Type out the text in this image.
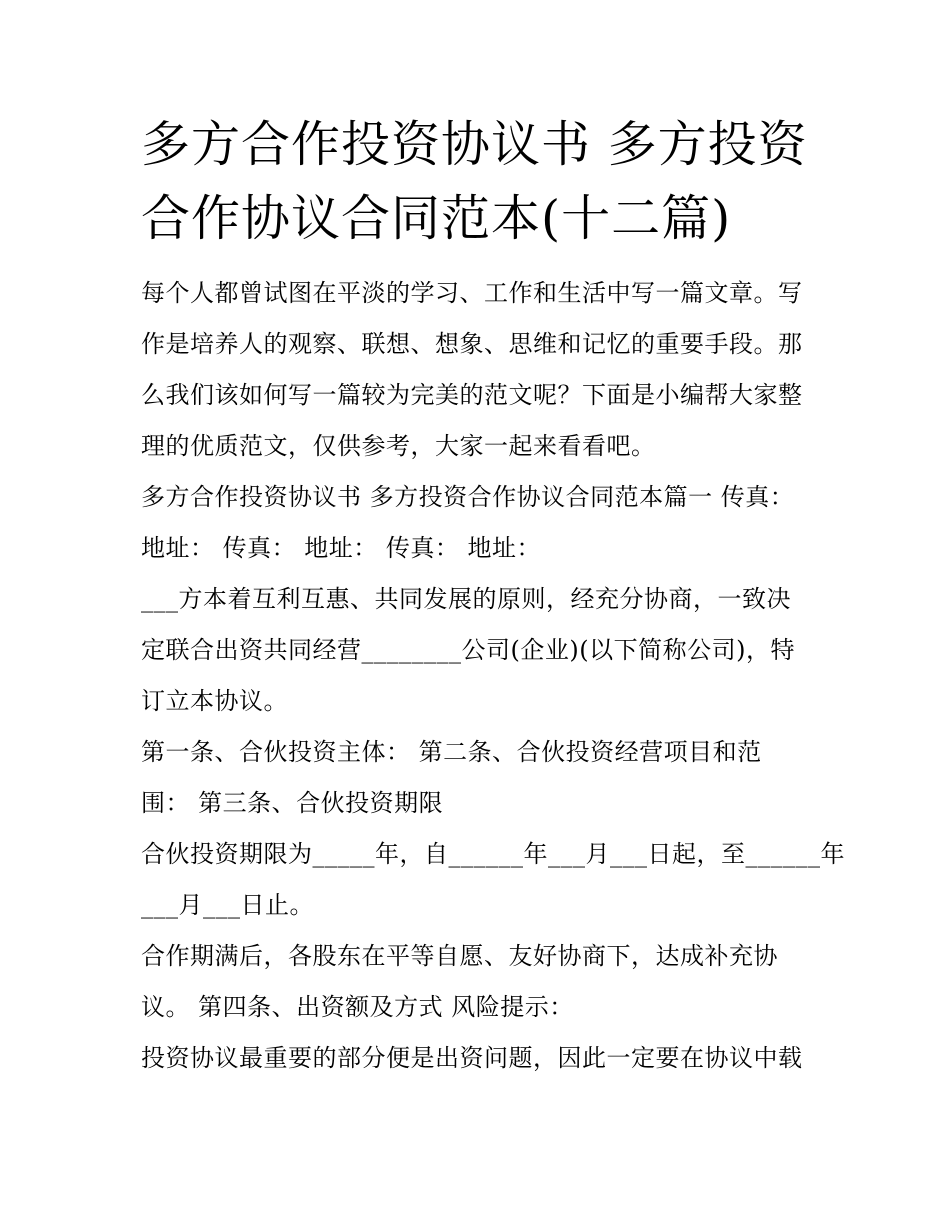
多方合作投资协议书 多方投资
合作协议合同范本(十二篇)
每个人都曾试图在平淡的学习、工作和生活中写一篇文章。写
作是培养人的观察、联想、想象、思维和记忆的重要手段。那
么我们该如何写一篇较为完美的范文呢？下面是小编帮大家整
理的优质范文，仅供参考，大家一起来看看吧。
多方合作投资协议书 多方投资合作协议合同范本篇一 传真：
地址： 传真： 地址： 传真： 地址：
___方本着互利互惠、共同发展的原则，经充分协商，一致决
定联合出资共同经营________公司(企业)(以下简称公司)，特
订立本协议。
第一条、合伙投资主体： 第二条、合伙投资经营项目和范
围： 第三条、合伙投资期限
合伙投资期限为_____年，自______年___月___日起，至______年
___月___日止。
合作期满后，各股东在平等自愿、友好协商下，达成补充协
议。 第四条、出资额及方式 风险提示：
投资协议最重要的部分便是出资问题，因此一定要在协议中载
